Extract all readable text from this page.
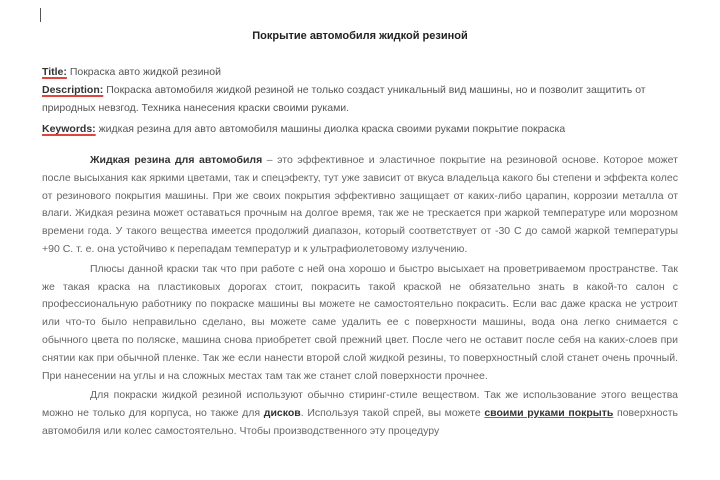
Покрытие автомобиля жидкой резиной
Title: Покраска авто жидкой резиной
Description: Покраска автомобиля жидкой резиной не только создаст уникальный вид машины, но и позволит защитить от природных невзгод. Техника нанесения краски своими руками.
Keywords: жидкая резина для авто автомобиля машины диолка краска своими руками покрытие покраска

Жидкая резина для автомобиля – это эффективное и эластичное покрытие на резиновой основе. Которое может после высыхания как яркими цветами, так и спецэфекту, тут уже зависит от вкуса владельца какого бы степени и эффекта колес от резинового покрытия машины. При же своих покрытия эффективно защищает от каких-либо царапин, коррозии металла от влаги. Жидкая резина может оставаться прочным на долгое время, так же не трескается при жаркой температуре или морозном времени года. У такого вещества имеется продолжий диапазон, который соответствует от -30 С до самой жаркой температуры +90 С. т. е. она устойчиво к перепадам температур и к ультрафиолетовому излучению.

Плюсы данной краски так что при работе с ней она хорошо и быстро высыхает на проветриваемом пространстве. Так же такая краска на пластиковых дорогах стоит, покрасить такой краской не обязательно знать в какой-то салон с профессиональную работнику по покраске машины вы можете не самостоятельно покрасить. Если вас даже краска не устроит или что-то было неправильно сделано, вы можете саме удалить ее с поверхности машины, вода она легко снимается с обычного цвета по поляске, машина снова приобретет свой прежний цвет. После чего не оставит после себя на каких-слоев при снятии как при обычной пленке. Так же если нанести второй слой жидкой резины, то поверхностный слой станет очень прочный. При нанесении на углы и на сложных местах там так же станет слой поверхности прочнее.

Для покраски жидкой резиной используют обычно стиринг-стиле веществом. Так же использование этого вещества можно не только для корпуса, но также для дисков. Используя такой спрей, вы можете своими руками покрыть поверхность автомобиля или колес самостоятельно. Чтобы производственного эту процедуру
